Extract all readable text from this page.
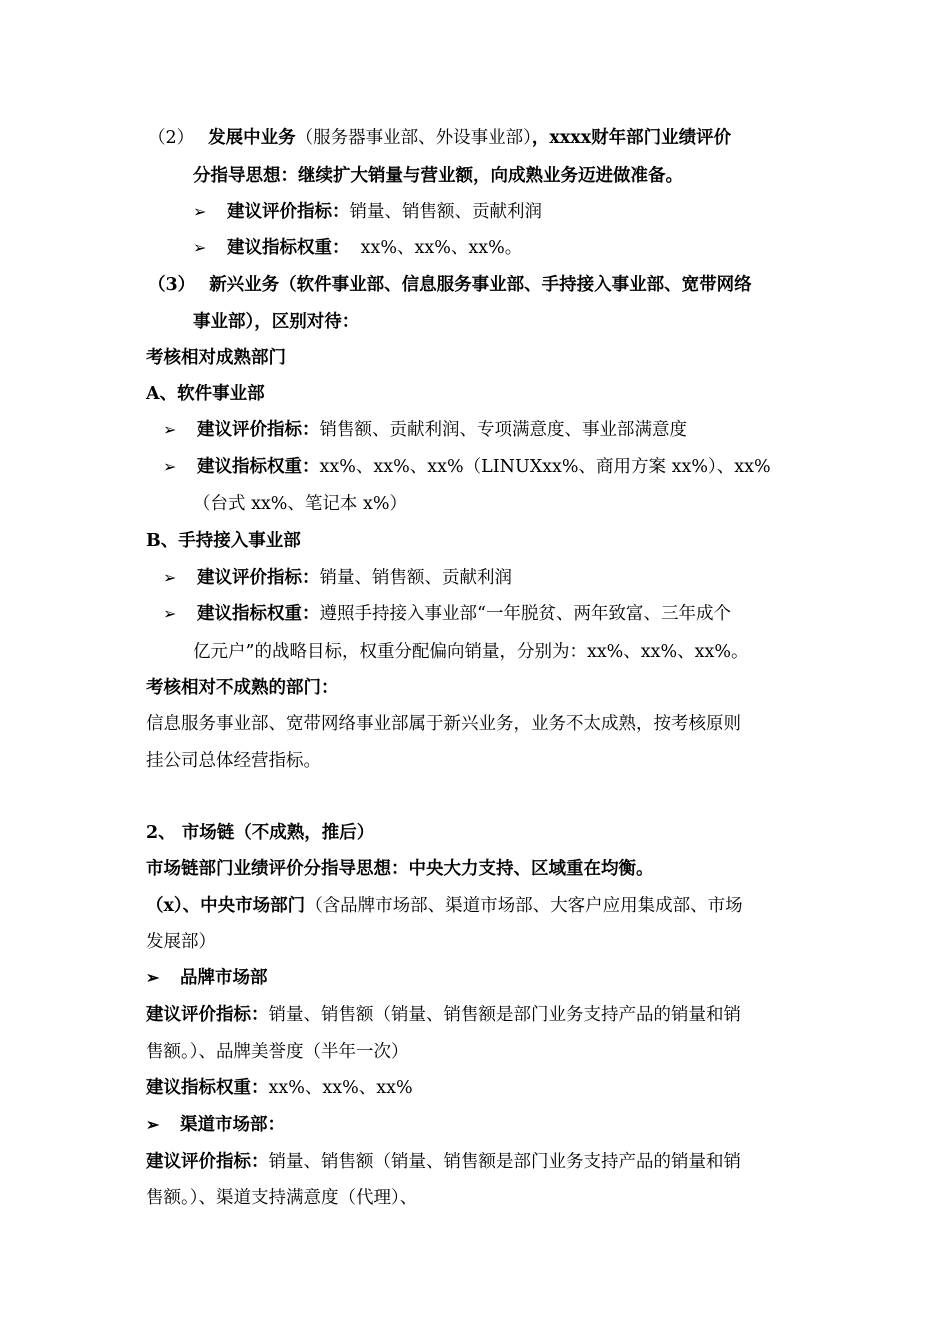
（2） 发展中业务（服务器事业部、外设事业部），xxxx财年部门业绩评价
分指导思想：继续扩大销量与营业额，向成熟业务迈进做准备。
➢ 建议评价指标：销量、销售额、贡献利润
➢ 建议指标权重：  xx%、xx%、xx%。
（3） 新兴业务（软件事业部、信息服务事业部、手持接入事业部、宽带网络
事业部），区别对待：
考核相对成熟部门
A、软件事业部
➢ 建议评价指标：销售额、贡献利润、专项满意度、事业部满意度
➢ 建议指标权重：xx%、xx%、xx%（LINUXxx%、商用方案 xx%）、xx%
（台式 xx%、笔记本 x%）
B、手持接入事业部
➢ 建议评价指标：销量、销售额、贡献利润
➢ 建议指标权重：遵照手持接入事业部“一年脱贫、两年致富、三年成个
亿元户”的战略目标，权重分配偏向销量，分别为：xx%、xx%、xx%。
考核相对不成熟的部门：
信息服务事业部、宽带网络事业部属于新兴业务，业务不太成熟，按考核原则
挂公司总体经营指标。
2、 市场链（不成熟，推后）
市场链部门业绩评价分指导思想：中央大力支持、区域重在均衡。
（x）、中央市场部门（含品牌市场部、渠道市场部、大客户应用集成部、市场
发展部）
➢ 品牌市场部
建议评价指标：销量、销售额（销量、销售额是部门业务支持产品的销量和销
售额。）、品牌美誉度（半年一次）
建议指标权重：xx%、xx%、xx%
➢ 渠道市场部：
建议评价指标：销量、销售额（销量、销售额是部门业务支持产品的销量和销
售额。）、渠道支持满意度（代理）、
